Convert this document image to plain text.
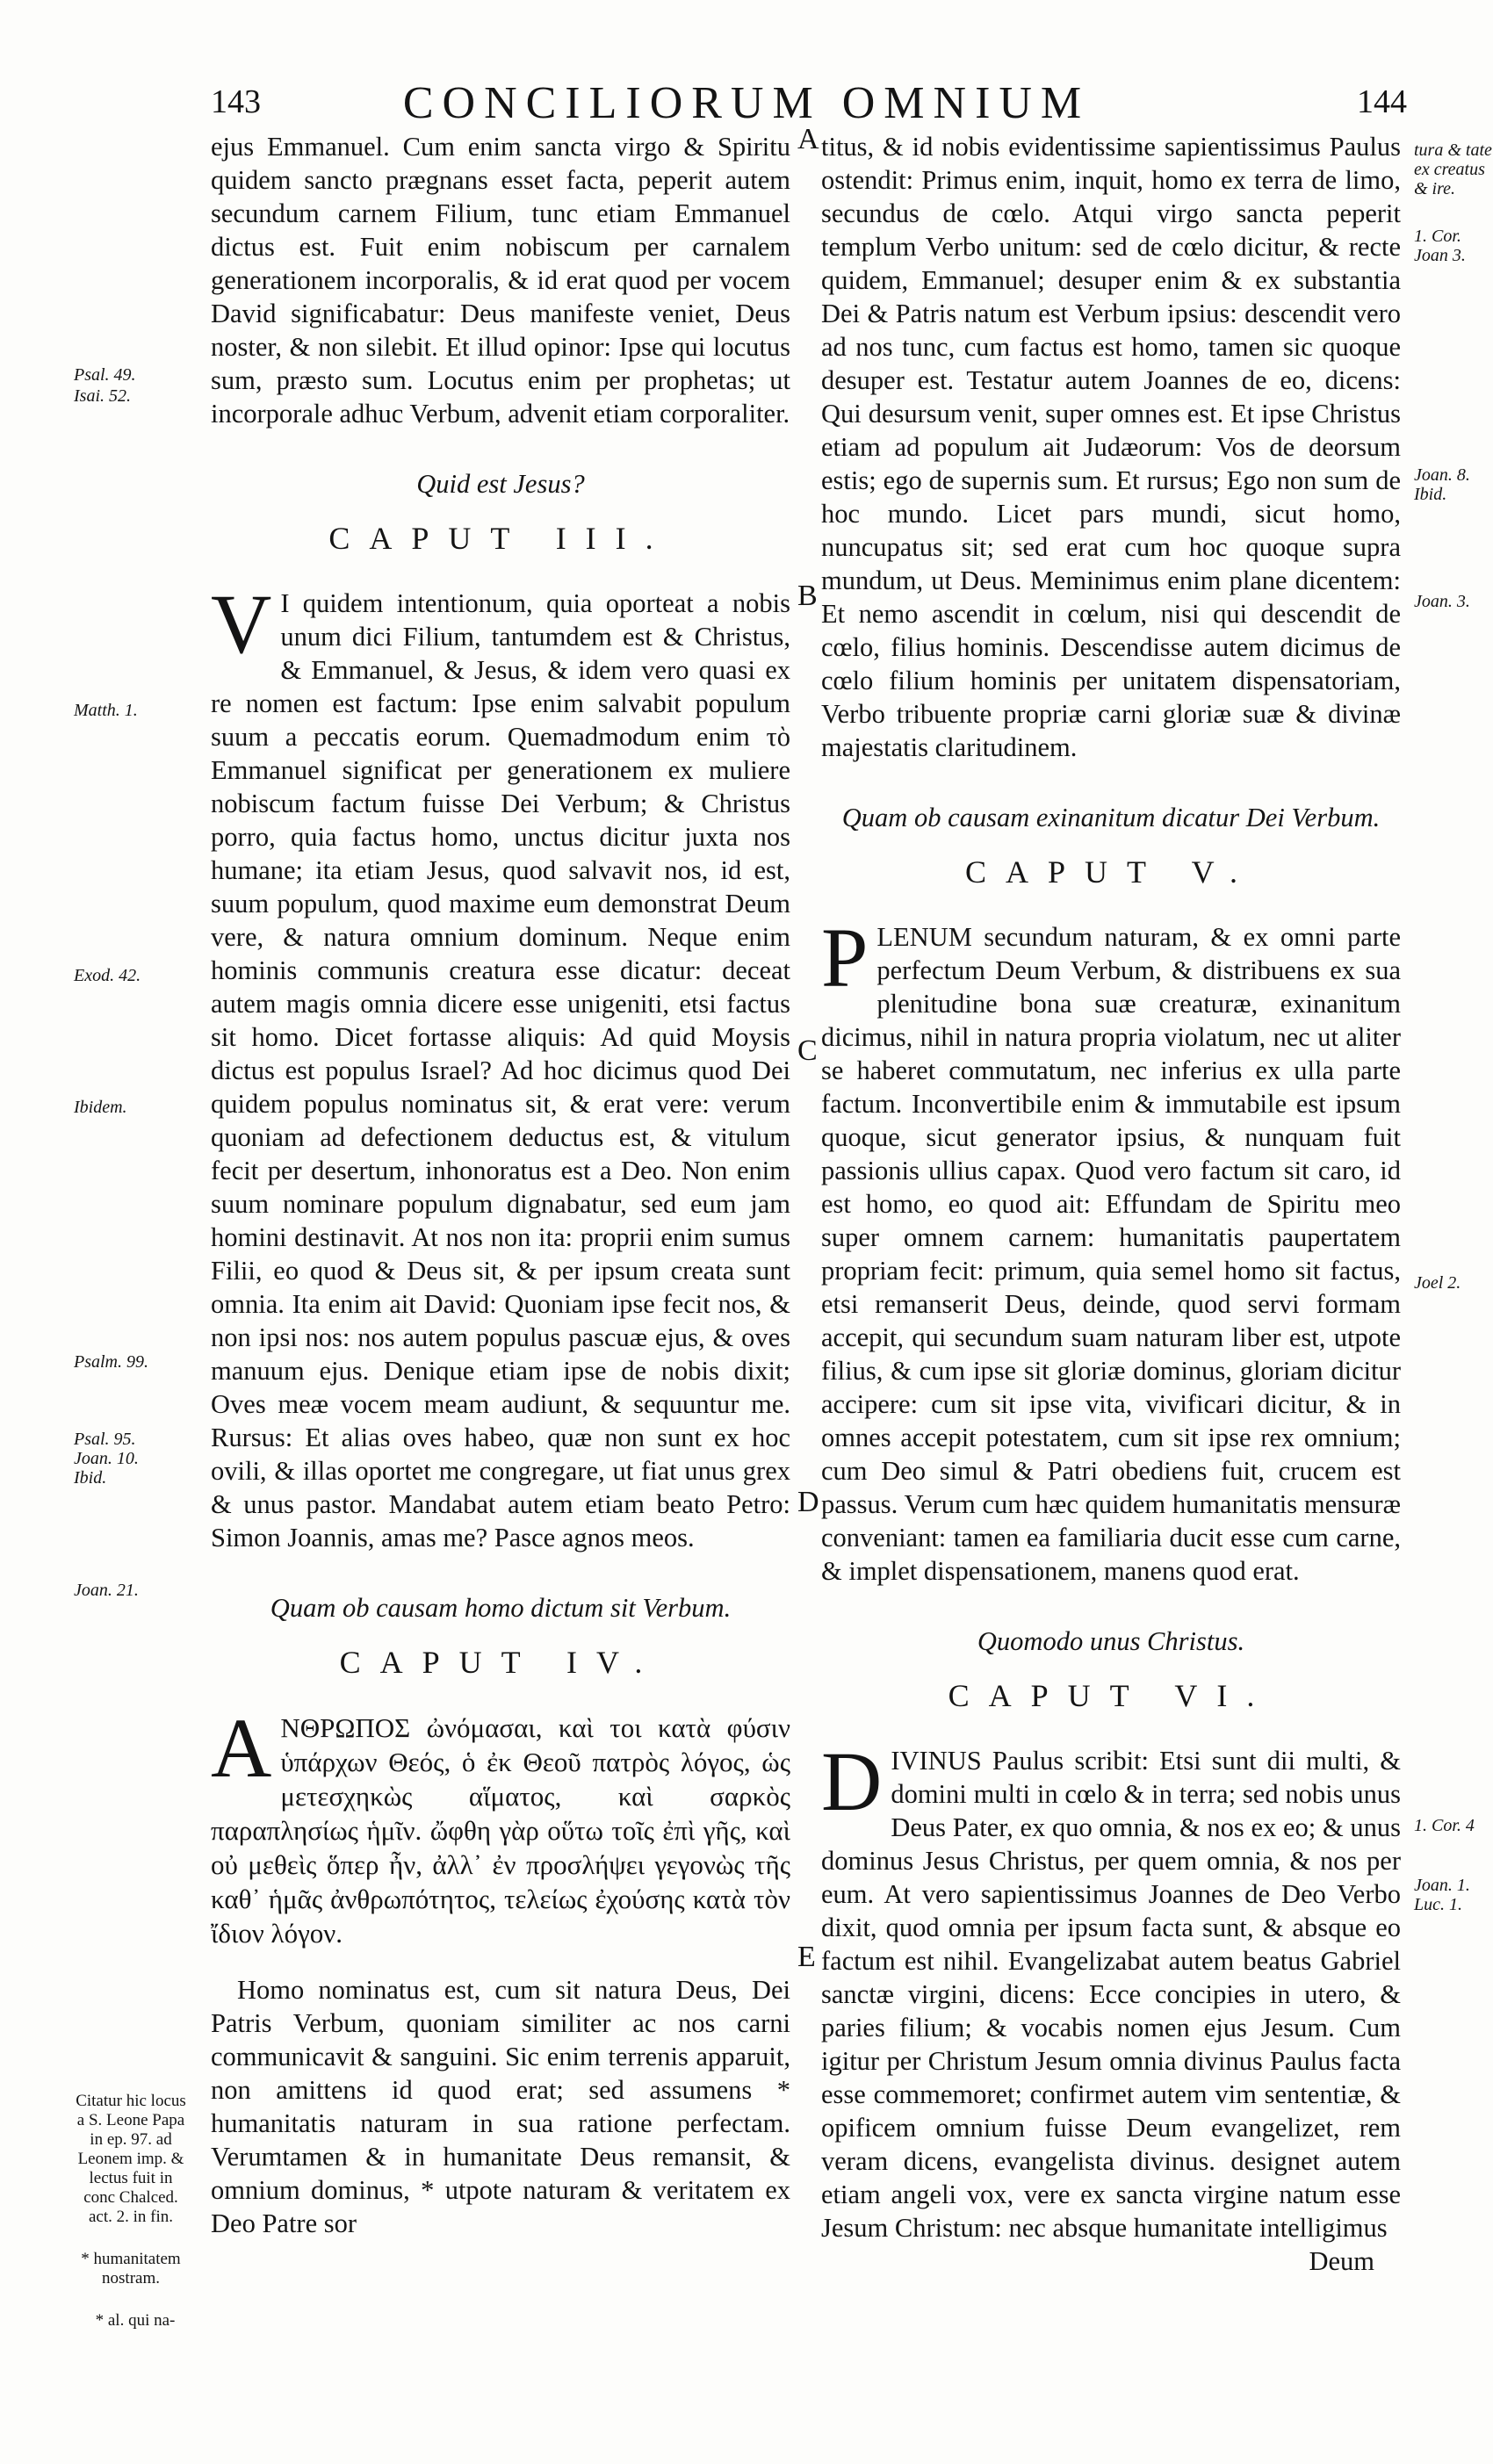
143	CONCILIORUM OMNIUM	144

ejus Emmanuel. Cum enim sancta virgo & Spiritu quidem sancto prægnans esset facta, peperit autem secundum carnem Filium, tunc etiam Emmanuel dictus est. Fuit enim nobiscum per carnalem generationem incorporalis, & id erat quod per vocem David significabatur: Deus manifeste veniet, Deus noster, & non silebit. Et illud opinor: Ipse qui locutus sum, præsto sum. Locutus enim per prophetas; ut incorporale adhuc Verbum, advenit etiam corporaliter.

Quid est Jesus?
CAPUT III.

V I quidem intentionum, quia oporteat a nobis unum dici Filium, tantumdem est & Christus, & Emmanuel, & Jesus, & idem vero quasi ex re nomen est factum: Ipse enim salvabit populum suum a peccatis eorum. Quemadmodum enim τὸ Emmanuel significat per generationem ex muliere nobiscum factum fuisse Dei Verbum; & Christus porro, quia factus homo, unctus dicitur juxta nos humane; ita etiam Jesus, quod salvavit nos, id est, suum populum, quod maxime eum demonstrat Deum vere, & natura omnium dominum. Neque enim hominis communis creatura esse dicatur: deceat autem magis omnia dicere esse unigeniti, etsi factus sit homo. Dicet fortasse aliquis: Ad quid Moysis dictus est populus Israel? Ad hoc dicimus quod Dei quidem populus nominatus sit, & erat vere: verum quoniam ad defectionem deductus est, & vitulum fecit per desertum, inhonoratus est a Deo. Non enim suum nominare populum dignabatur, sed eum jam homini destinavit. At nos non ita: proprii enim sumus Filii, eo quod & Deus sit, & per ipsum creata sunt omnia. Ita enim ait David: Quoniam ipse fecit nos, & non ipsi nos: nos autem populus pascuæ ejus, & oves manuum ejus. Denique etiam ipse de nobis dixit; Oves meæ vocem meam audiunt, & sequuntur me. Rursus: Et alias oves habeo, quæ non sunt ex hoc ovili, & illas oportet me congregare, ut fiat unus grex & unus pastor. Mandabat autem etiam beato Petro: Simon Joannis, amas me? Pasce agnos meos.

Quam ob causam homo dictum sit Verbum.
CAPUT IV.

ΑΝΘΡΩΠΟΣ ὠνόμασαι, καὶ τοι κατὰ φύσιν ὑπάρχων Θεός, ὁ ἐκ Θεοῦ πατρὸς λόγος, ὡς μετεσχηκὼς αἵματος, καὶ σαρκὸς παραπλησίως ἡμῖν. ὤφθη γὰρ οὕτω τοῖς ἐπὶ γῆς, καὶ οὐ μεθεὶς ὅπερ ἦν, ἀλλ᾽ ἐν προσλήψει γεγονὼς τῆς καθ᾽ ἡμᾶς ἀνθρωπότητος, τελείως ἐχούσης κατὰ τὸν ἴδιον λόγον.

Homo nominatus est, cum sit natura Deus, Dei Patris Verbum, quoniam similiter ac nos carni communicavit & sanguini. Sic enim terrenis apparuit, non amittens id quod erat; sed assumens * humanitatis naturam in sua ratione perfectam. Verumtamen & in humanitate Deus remansit, & omnium dominus, * utpote naturam & veritatem ex Deo Patre sor

titus, & id nobis evidentissime sapientissimus Paulus ostendit: Primus enim, inquit, homo ex terra de limo, secundus de cœlo. Atqui virgo sancta peperit templum Verbo unitum: sed de cœlo dicitur, & recte quidem, Emmanuel; desuper enim & ex substantia Dei & Patris natum est Verbum ipsius: descendit vero ad nos tunc, cum factus est homo, tamen sic quoque desuper est. Testatur autem Joannes de eo, dicens: Qui desursum venit, super omnes est. Et ipse Christus etiam ad populum ait Judæorum: Vos de deorsum estis; ego de supernis sum. Et rursus; Ego non sum de hoc mundo. Licet pars mundi, sicut homo, nuncupatus sit; sed erat cum hoc quoque supra mundum, ut Deus. Meminimus enim plane dicentem: Et nemo ascendit in cœlum, nisi qui descendit de cœlo, filius hominis. Descendisse autem dicimus de cœlo filium hominis per unitatem dispensatoriam, Verbo tribuente propriæ carni gloriæ suæ & divinæ majestatis claritudinem.

Quam ob causam exinanitum dicatur Dei Verbum.
CAPUT V.

PLENUM secundum naturam, & ex omni parte perfectum Deum Verbum, & distribuens ex sua plenitudine bona suæ creaturæ, exinanitum dicimus, nihil in natura propria violatum, nec ut aliter se haberet commutatum, nec inferius ex ulla parte factum. Inconvertibile enim & immutabile est ipsum quoque, sicut generator ipsius, & nunquam fuit passionis ullius capax. Quod vero factum sit caro, id est homo, eo quod ait: Effundam de Spiritu meo super omnem carnem: humanitatis paupertatem propriam fecit: primum, quia semel homo sit factus, etsi remanserit Deus, deinde, quod servi formam accepit, qui secundum suam naturam liber est, utpote filius, & cum ipse sit gloriæ dominus, gloriam dicitur accipere: cum sit ipse vita, vivificari dicitur, & in omnes accepit potestatem, cum sit ipse rex omnium; cum Deo simul & Patri obediens fuit, crucem est passus. Verum cum hæc quidem humanitatis mensuræ conveniant: tamen ea familiaria ducit esse cum carne, & implet dispensationem, manens quod erat.

Quomodo unus Christus.
CAPUT VI.

DIVINUS Paulus scribit: Etsi sunt dii multi, & domini multi in cœlo & in terra; sed nobis unus Deus Pater, ex quo omnia, & nos ex eo; & unus dominus Jesus Christus, per quem omnia, & nos per eum. At vero sapientissimus Joannes de Deo Verbo dixit, quod omnia per ipsum facta sunt, & absque eo factum est nihil. Evangelizabat autem beatus Gabriel sanctæ virgini, dicens: Ecce concipies in utero, & paries filium; & vocabis nomen ejus Jesum. Cum igitur per Christum Jesum omnia divinus Paulus facta esse commemoret; confirmet autem vim sententiæ, & opificem omnium fuisse Deum evangelizet, rem veram dicens, evangelista divinus. designet autem etiam angeli vox, vere ex sancta virgine natum esse Jesum Christum: nec absque humanitate intelligimus

Deum
Psal. 49.
Isai. 52.
Matth. 1.
Exod. 42.
Ibidem.
Psalm. 99.
Psal. 95.
Joan. 10.
Ibid.
Joan. 21.
Citatur hic locus a S. Leone Papa in ep. 97. ad Leonem imp. & lectus fuit in conc Chalced. act. 2. in fin.
* humanitatem nostram.
* al. qui na-
tura & tate ex creatus & ire.
1. Cor. Joan 3.
Joan. 8. Ibid.
Joan. 3.
Joel 2.
1. Cor. 4
Joan. 1. Luc. 1.
A
B
C
D
E
